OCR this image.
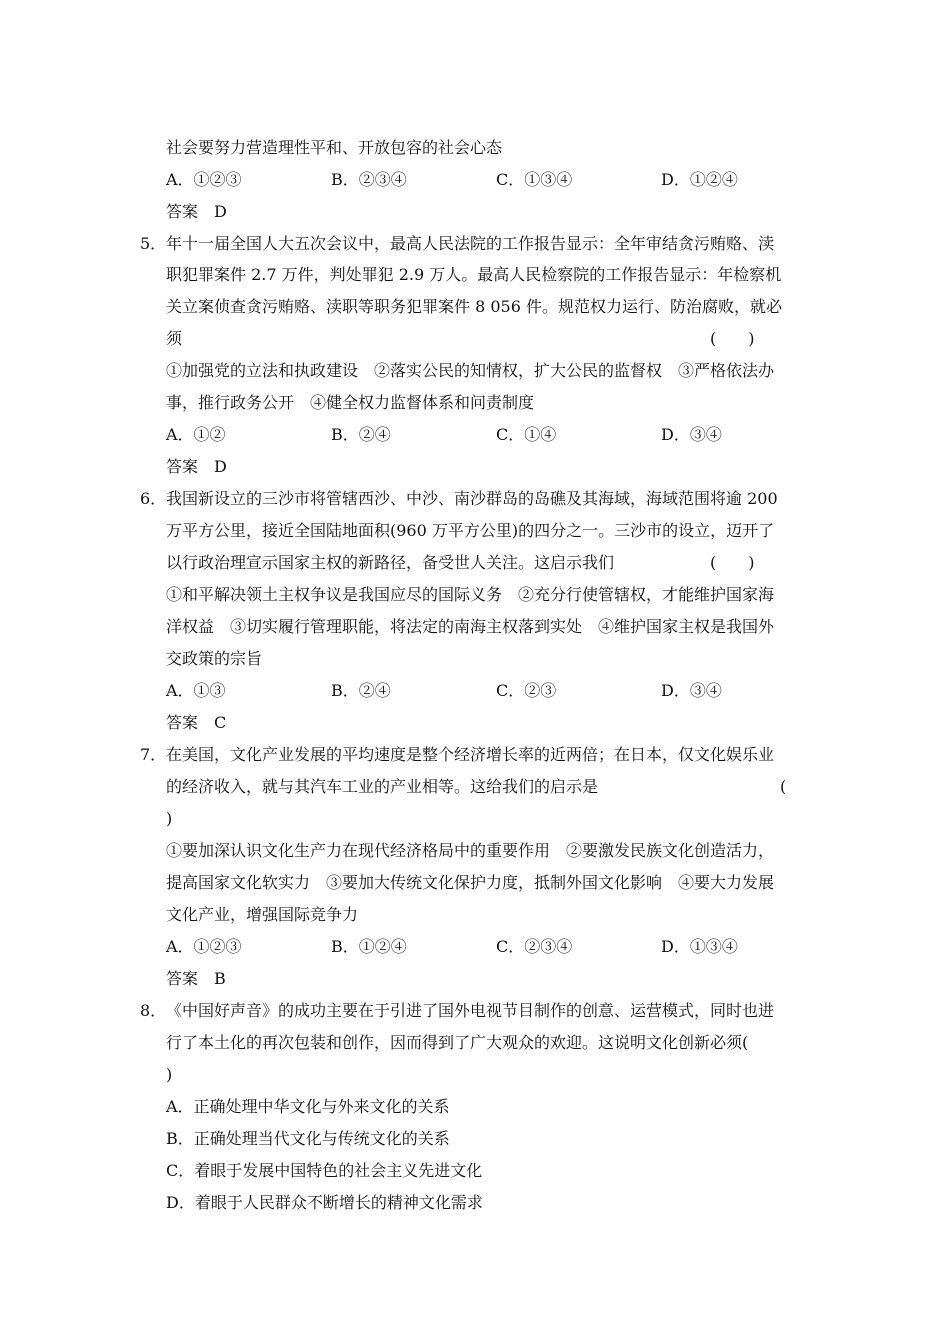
社会要努力营造理性平和、开放包容的社会心态
A．①②③	B．②③④	C．①③④	D．①②④
答案　D
5．年十一届全国人大五次会议中，最高人民法院的工作报告显示：全年审结贪污贿赂、渎
职犯罪案件 2.7 万件，判处罪犯 2.9 万人。最高人民检察院的工作报告显示：年检察机
关立案侦查贪污贿赂、渎职等职务犯罪案件 8 056 件。规范权力运行、防治腐败，就必
须	(　　)
①加强党的立法和执政建设　②落实公民的知情权，扩大公民的监督权　③严格依法办
事，推行政务公开　④健全权力监督体系和问责制度
A．①②	B．②④	C．①④	D．③④
答案　D
6．我国新设立的三沙市将管辖西沙、中沙、南沙群岛的岛礁及其海域，海域范围将逾 200
万平方公里，接近全国陆地面积(960 万平方公里)的四分之一。三沙市的设立，迈开了
以行政治理宣示国家主权的新路径，备受世人关注。这启示我们	(　　)
①和平解决领土主权争议是我国应尽的国际义务　②充分行使管辖权，才能维护国家海
洋权益　③切实履行管理职能，将法定的南海主权落到实处　④维护国家主权是我国外
交政策的宗旨
A．①③	B．②④	C．②③	D．③④
答案　C
7．在美国，文化产业发展的平均速度是整个经济增长率的近两倍；在日本，仅文化娱乐业
的经济收入，就与其汽车工业的产业相等。这给我们的启示是	(
)
①要加深认识文化生产力在现代经济格局中的重要作用　②要激发民族文化创造活力，
提高国家文化软实力　③要加大传统文化保护力度，抵制外国文化影响　④要大力发展
文化产业，增强国际竞争力
A．①②③	B．①②④	C．②③④	D．①③④
答案　B
8．《中国好声音》的成功主要在于引进了国外电视节目制作的创意、运营模式，同时也进
行了本土化的再次包装和创作，因而得到了广大观众的欢迎。这说明文化创新必须(
)
A．正确处理中华文化与外来文化的关系
B．正确处理当代文化与传统文化的关系
C．着眼于发展中国特色的社会主义先进文化
D．着眼于人民群众不断增长的精神文化需求
